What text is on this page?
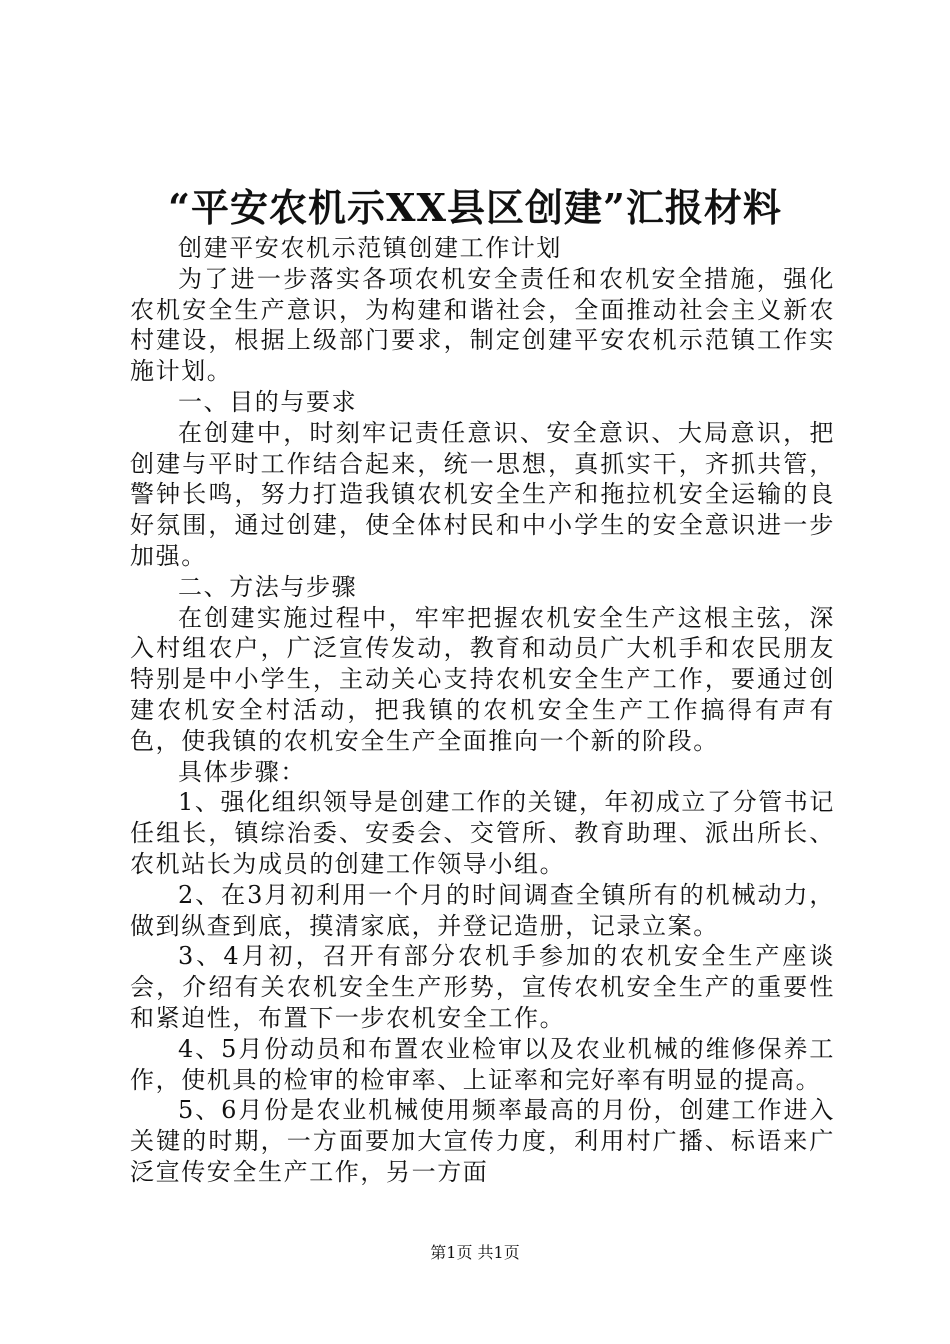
“平安农机示XX县区创建”汇报材料

创建平安农机示范镇创建工作计划

为了进一步落实各项农机安全责任和农机安全措施，强化农机安全生产意识，为构建和谐社会，全面推动社会主义新农村建设，根据上级部门要求，制定创建平安农机示范镇工作实施计划。

一、目的与要求

在创建中，时刻牢记责任意识、安全意识、大局意识，把创建与平时工作结合起来，统一思想，真抓实干，齐抓共管，警钟长鸣，努力打造我镇农机安全生产和拖拉机安全运输的良好氛围，通过创建，使全体村民和中小学生的安全意识进一步加强。

二、方法与步骤

在创建实施过程中，牢牢把握农机安全生产这根主弦，深入村组农户，广泛宣传发动，教育和动员广大机手和农民朋友特别是中小学生，主动关心支持农机安全生产工作，要通过创建农机安全村活动，把我镇的农机安全生产工作搞得有声有色，使我镇的农机安全生产全面推向一个新的阶段。

具体步骤：

1、强化组织领导是创建工作的关键，年初成立了分管书记任组长，镇综治委、安委会、交管所、教育助理、派出所长、农机站长为成员的创建工作领导小组。

2、在3月初利用一个月的时间调查全镇所有的机械动力，做到纵查到底，摸清家底，并登记造册，记录立案。

3、4月初，召开有部分农机手参加的农机安全生产座谈会，介绍有关农机安全生产形势，宣传农机安全生产的重要性和紧迫性，布置下一步农机安全工作。

4、5月份动员和布置农业检审以及农业机械的维修保养工作，使机具的检审的检审率、上证率和完好率有明显的提高。

5、6月份是农业机械使用频率最高的月份，创建工作进入关键的时期，一方面要加大宣传力度，利用村广播、标语来广泛宣传安全生产工作，另一方面

第1页 共1页
